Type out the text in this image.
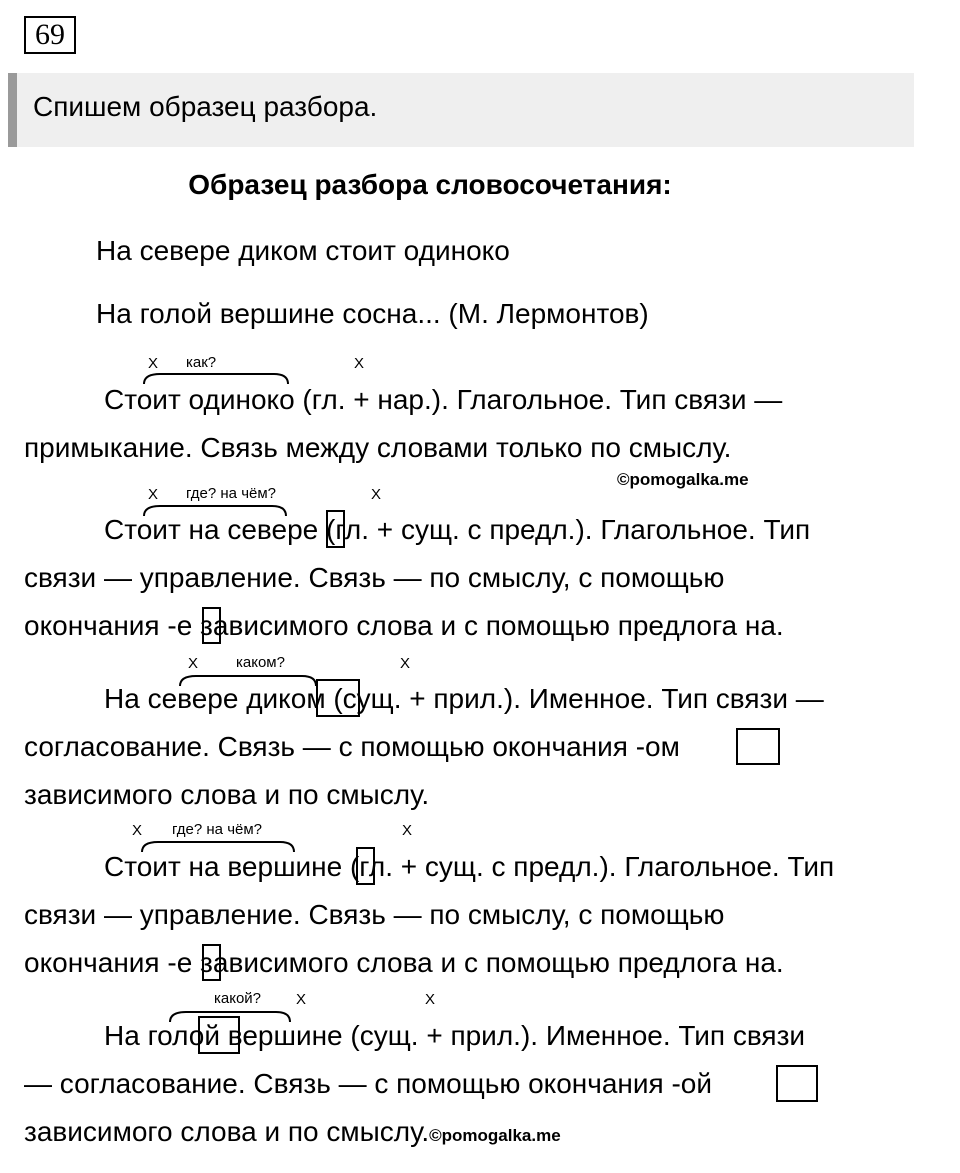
69
Спишем образец разбора.
Образец разбора словосочетания:
На севере диком стоит одиноко
На голой вершине сосна... (М. Лермонтов)
X как?	X
Стоит одиноко (гл. + нар.). Глагольное. Тип связи —
примыкание. Связь между словами только по смыслу.
©pomogalka.me
X где? на чём?	X
Стоит на севере (гл. + сущ. с предл.). Глагольное. Тип
связи — управление. Связь — по смыслу, с помощью
окончания -е зависимого слова и с помощью предлога на.
X	каком?	X
На севере диком (сущ. + прил.). Именное. Тип связи —
согласование. Связь — с помощью окончания -ом
зависимого слова и по смыслу.
X где? на чём?	X
Стоит на вершине (гл. + сущ. с предл.). Глагольное. Тип
связи — управление. Связь — по смыслу, с помощью
окончания -е зависимого слова и с помощью предлога на.
какой? X	X
На голой вершине (сущ. + прил.). Именное. Тип связи
— согласование. Связь — с помощью окончания -ой
зависимого слова и по смыслу.©pomogalka.me
